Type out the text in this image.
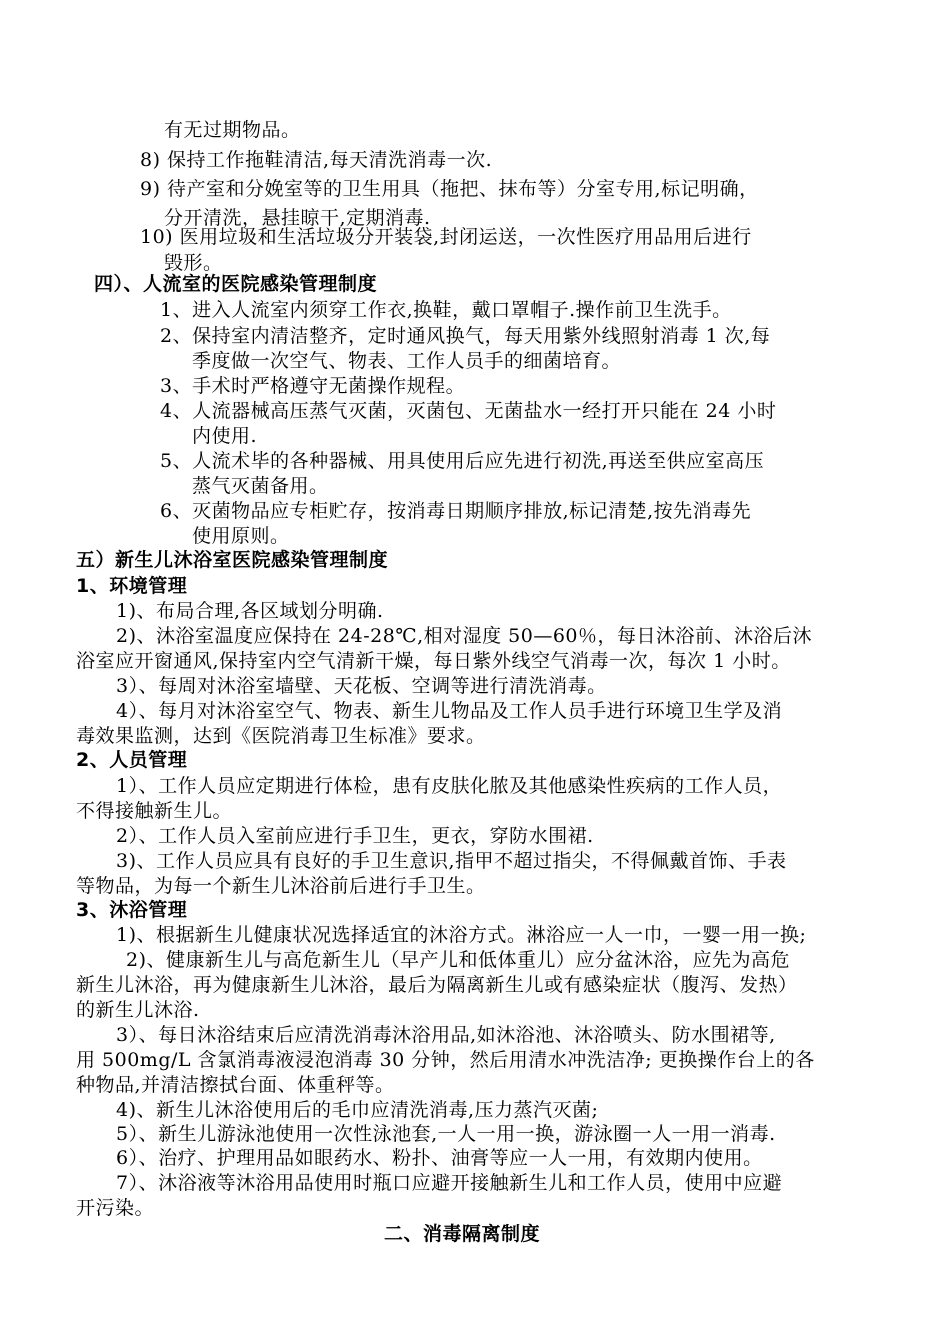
有无过期物品。
8) 保持工作拖鞋清洁,每天清洗消毒一次.
9) 待产室和分娩室等的卫生用具（拖把、抹布等）分室专用,标记明确，
分开清洗，悬挂晾干,定期消毒.
10) 医用垃圾和生活垃圾分开装袋,封闭运送，一次性医疗用品用后进行
毁形。
四）、人流室的医院感染管理制度
1、进入人流室内须穿工作衣,换鞋，戴口罩帽子.操作前卫生洗手。
2、保持室内清洁整齐，定时通风换气，每天用紫外线照射消毒 1 次,每
季度做一次空气、物表、工作人员手的细菌培育。
3、手术时严格遵守无菌操作规程。
4、人流器械高压蒸气灭菌，灭菌包、无菌盐水一经打开只能在 24 小时
内使用.
5、人流术毕的各种器械、用具使用后应先进行初洗,再送至供应室高压
蒸气灭菌备用。
6、灭菌物品应专柜贮存，按消毒日期顺序排放,标记清楚,按先消毒先
使用原则。
五）新生儿沐浴室医院感染管理制度
1、环境管理
1)、布局合理,各区域划分明确.
2)、沐浴室温度应保持在 24-28℃,相对湿度 50—60％，每日沐浴前、沐浴后沐
浴室应开窗通风,保持室内空气清新干燥，每日紫外线空气消毒一次，每次 1 小时。
3）、每周对沐浴室墙壁、天花板、空调等进行清洗消毒。
4）、每月对沐浴室空气、物表、新生儿物品及工作人员手进行环境卫生学及消
毒效果监测，达到《医院消毒卫生标准》要求。
2、人员管理
1）、工作人员应定期进行体检，患有皮肤化脓及其他感染性疾病的工作人员，
不得接触新生儿。
2）、工作人员入室前应进行手卫生，更衣，穿防水围裙.
3)、工作人员应具有良好的手卫生意识,指甲不超过指尖，不得佩戴首饰、手表
等物品，为每一个新生儿沐浴前后进行手卫生。
3、沐浴管理
1)、根据新生儿健康状况选择适宜的沐浴方式。淋浴应一人一巾，一婴一用一换;
2)、健康新生儿与高危新生儿（早产儿和低体重儿）应分盆沐浴，应先为高危
新生儿沐浴，再为健康新生儿沐浴，最后为隔离新生儿或有感染症状（腹泻、发热）
的新生儿沐浴.
3）、每日沐浴结束后应清洗消毒沐浴用品,如沐浴池、沐浴喷头、防水围裙等,
用 500mg/L 含氯消毒液浸泡消毒 30 分钟，然后用清水冲洗洁净; 更换操作台上的各
种物品,并清洁擦拭台面、体重秤等。
4)、新生儿沐浴使用后的毛巾应清洗消毒,压力蒸汽灭菌;
5）、新生儿游泳池使用一次性泳池套,一人一用一换，游泳圈一人一用一消毒.
6）、治疗、护理用品如眼药水、粉扑、油膏等应一人一用，有效期内使用。
7）、沐浴液等沐浴用品使用时瓶口应避开接触新生儿和工作人员，使用中应避
开污染。
二、消毒隔离制度
